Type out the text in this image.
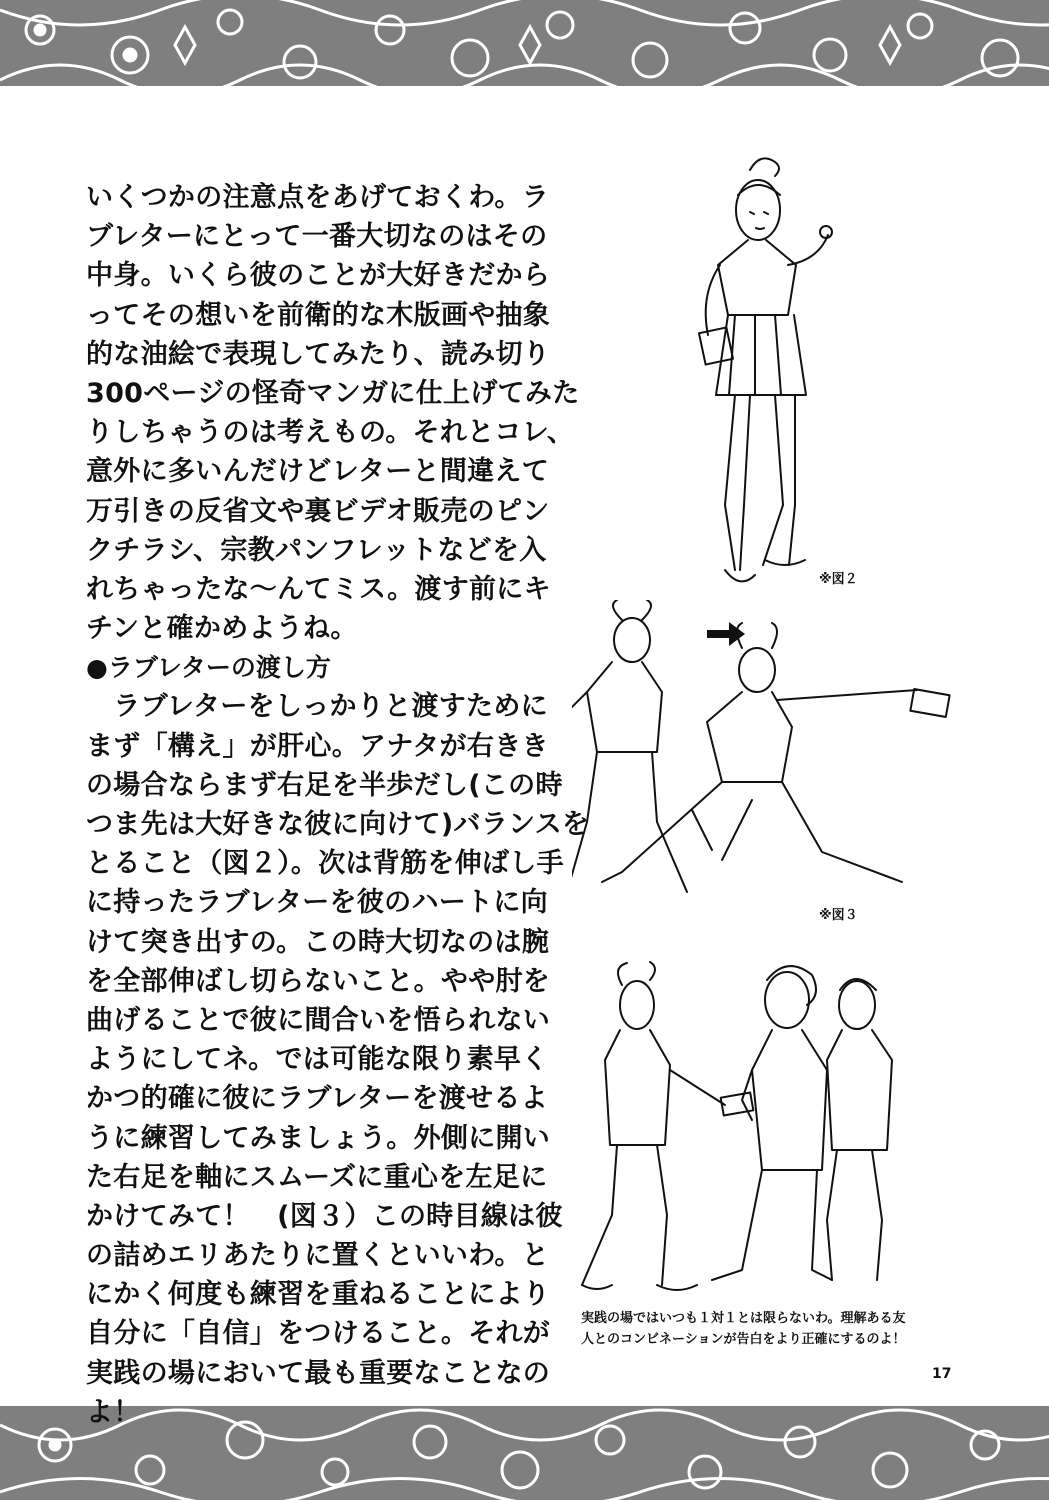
いくつかの注意点をあげておくわ。ラ
ブレターにとって一番大切なのはその
中身。いくら彼のことが大好きだから
ってその想いを前衛的な木版画や抽象
的な油絵で表現してみたり、読み切り
300ページの怪奇マンガに仕上げてみた
りしちゃうのは考えもの。それとコレ、
意外に多いんだけどレターと間違えて
万引きの反省文や裏ビデオ販売のピン
クチラシ、宗教パンフレットなどを入
れちゃったな〜んてミス。渡す前にキ
チンと確かめようね。
●ラブレターの渡し方
　ラブレターをしっかりと渡すために
まず「構え」が肝心。アナタが右きき
の場合ならまず右足を半歩だし(この時
つま先は大好きな彼に向けて)バランスを
とること（図２）。次は背筋を伸ばし手
に持ったラブレターを彼のハートに向
けて突き出すの。この時大切なのは腕
を全部伸ばし切らないこと。やや肘を
曲げることで彼に間合いを悟られない
ようにしてネ。では可能な限り素早く
かつ的確に彼にラブレターを渡せるよ
うに練習してみましょう。外側に開い
た右足を軸にスムーズに重心を左足に
かけてみて！　(図３）この時目線は彼
の詰めエリあたりに置くといいわ。と
にかく何度も練習を重ねることにより
自分に「自信」をつけること。それが
実践の場において最も重要なことなの
よ！
※図２
※図３
実践の場ではいつも１対１とは限らないわ。理解ある友
人とのコンビネーションが告白をより正確にするのよ！
17
